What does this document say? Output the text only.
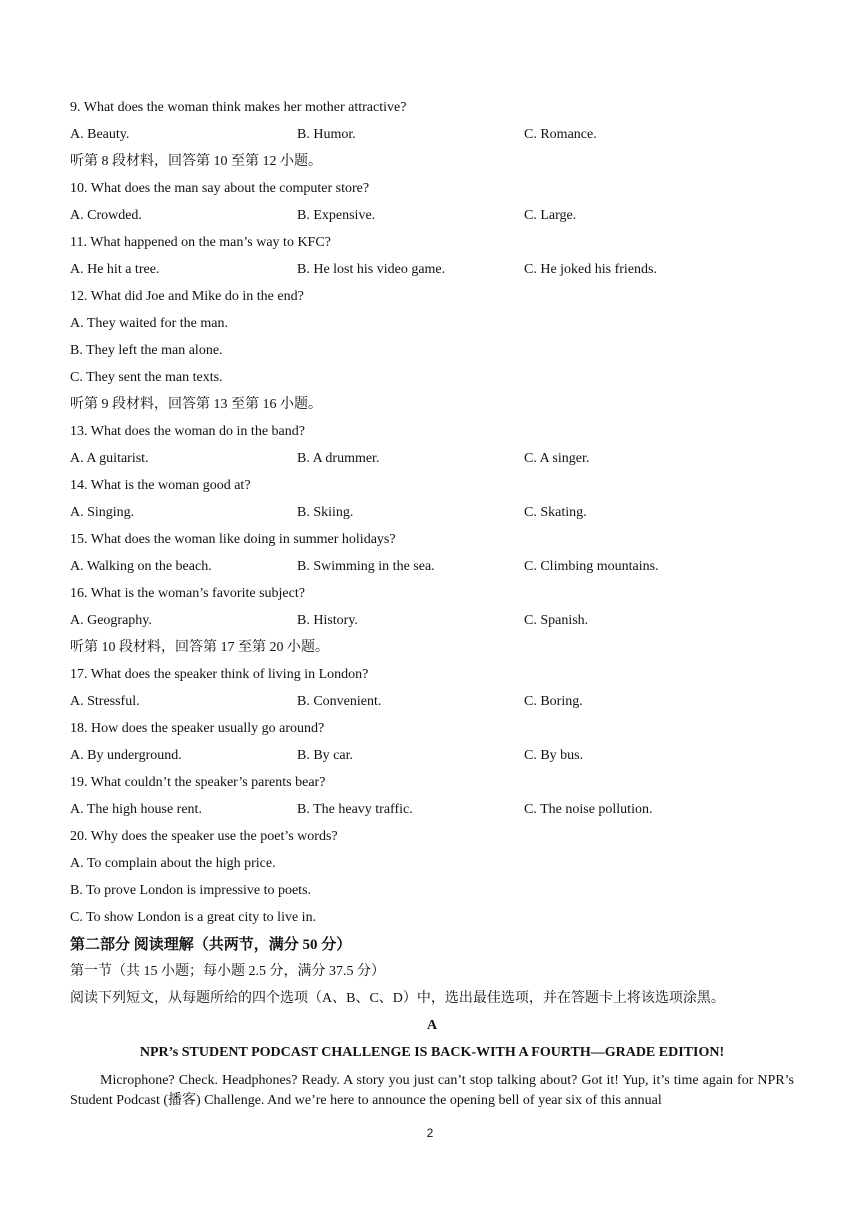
9. What does the woman think makes her mother attractive?
A. Beauty.	B. Humor.	C. Romance.
听第 8 段材料，回答第 10 至第 12 小题。
10. What does the man say about the computer store?
A. Crowded.	B. Expensive.	C. Large.
11. What happened on the man’s way to KFC?
A. He hit a tree.	B. He lost his video game.	C. He joked his friends.
12. What did Joe and Mike do in the end?
A. They waited for the man.
B. They left the man alone.
C. They sent the man texts.
听第 9 段材料，回答第 13 至第 16 小题。
13. What does the woman do in the band?
A. A guitarist.	B. A drummer.	C. A singer.
14. What is the woman good at?
A. Singing.	B. Skiing.	C. Skating.
15. What does the woman like doing in summer holidays?
A. Walking on the beach.	B. Swimming in the sea.	C. Climbing mountains.
16. What is the woman’s favorite subject?
A. Geography.	B. History.	C. Spanish.
听第 10 段材料，回答第 17 至第 20 小题。
17. What does the speaker think of living in London?
A. Stressful.	B. Convenient.	C. Boring.
18. How does the speaker usually go around?
A. By underground.	B. By car.	C. By bus.
19. What couldn’t the speaker’s parents bear?
A. The high house rent.	B. The heavy traffic.	C. The noise pollution.
20. Why does the speaker use the poet’s words?
A. To complain about the high price.
B. To prove London is impressive to poets.
C. To show London is a great city to live in.
第二部分 阅读理解（共两节，满分 50 分）
第一节（共 15 小题；每小题 2.5 分，满分 37.5 分）
阅读下列短文，从每题所给的四个选项（A、B、C、D）中，选出最佳选项，并在答题卡上将该选项涂黑。
A
NPR’s STUDENT PODCAST CHALLENGE IS BACK-WITH A FOURTH—GRADE EDITION!
Microphone? Check. Headphones? Ready. A story you just can’t stop talking about? Got it! Yup, it’s time again for NPR’s Student Podcast (播客) Challenge. And we’re here to announce the opening bell of year six of this annual
2
